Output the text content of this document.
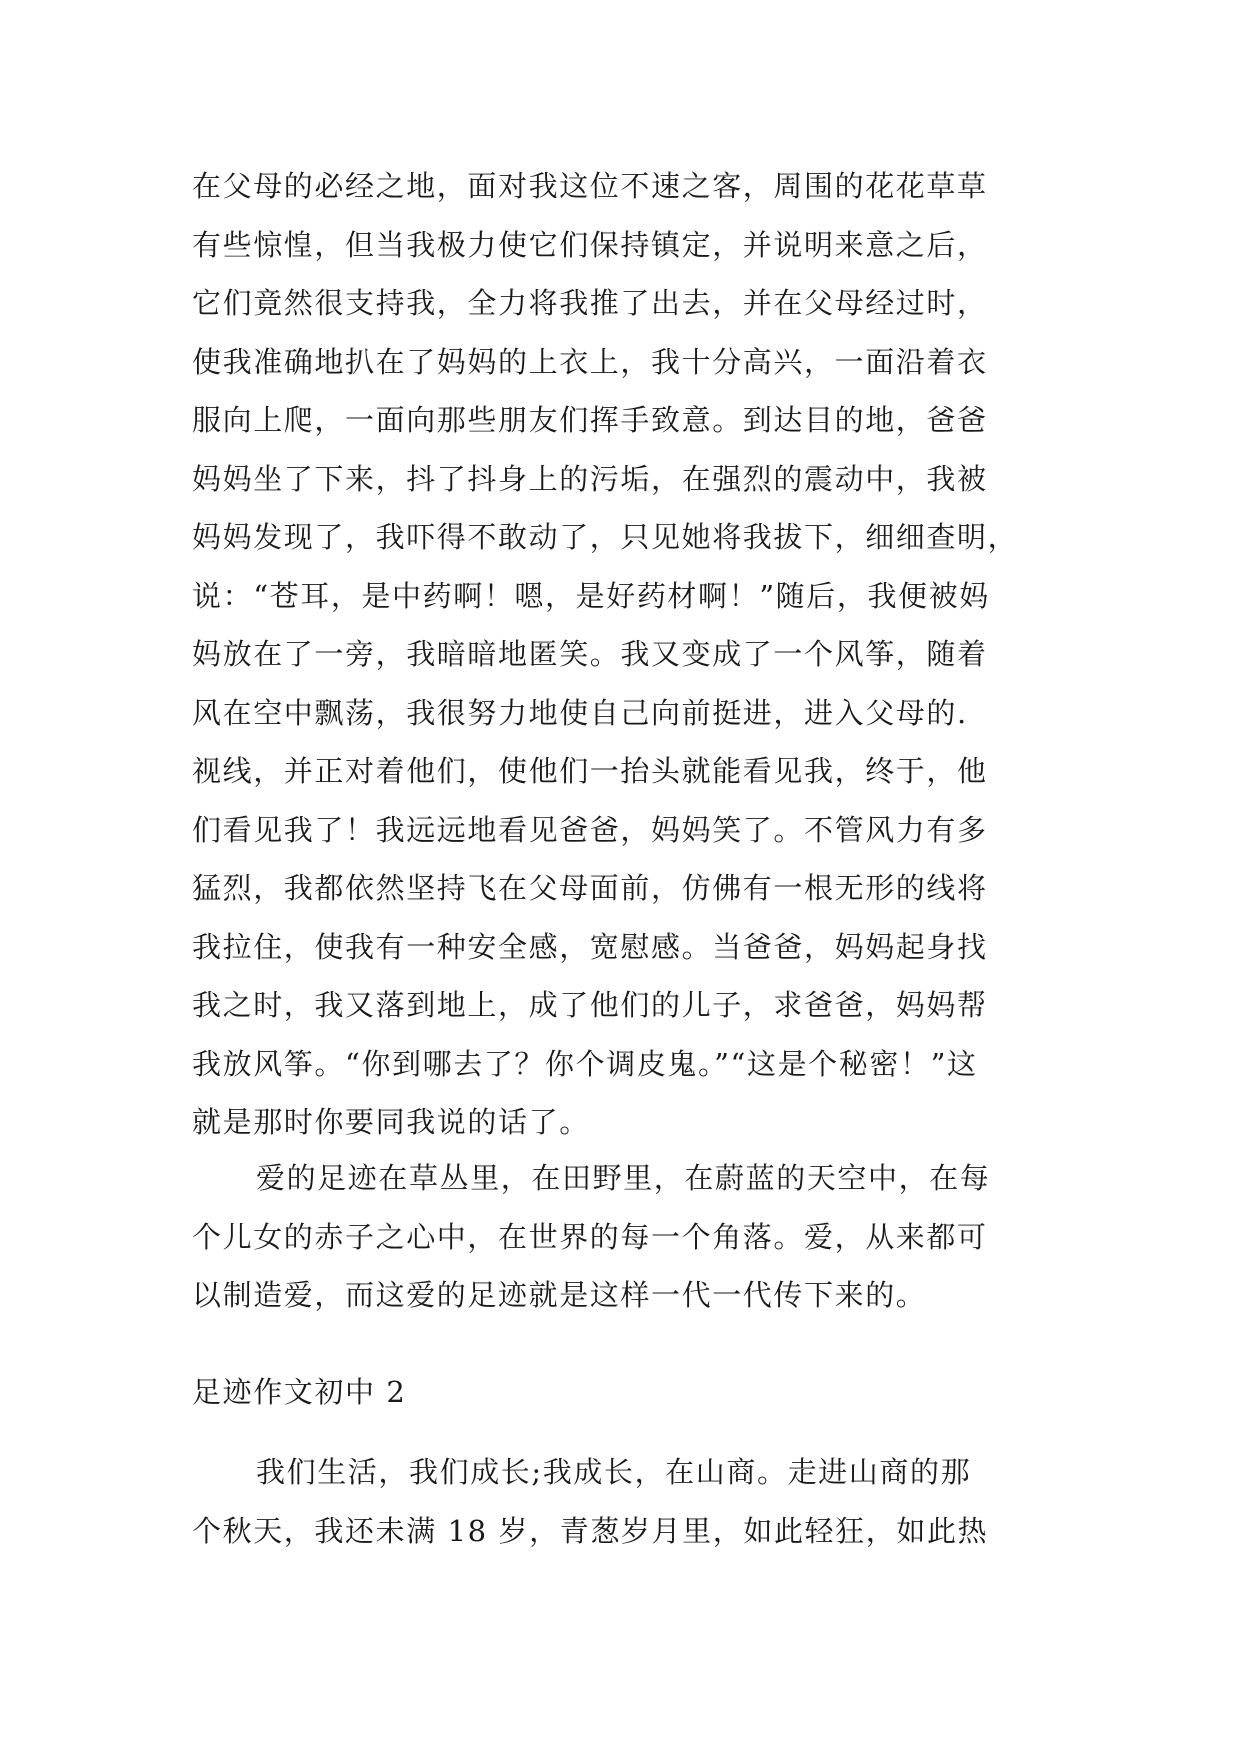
在父母的必经之地，面对我这位不速之客，周围的花花草草
有些惊惶，但当我极力使它们保持镇定，并说明来意之后，
它们竟然很支持我，全力将我推了出去，并在父母经过时，
使我准确地扒在了妈妈的上衣上，我十分高兴，一面沿着衣
服向上爬，一面向那些朋友们挥手致意。到达目的地，爸爸
妈妈坐了下来，抖了抖身上的污垢，在强烈的震动中，我被
妈妈发现了，我吓得不敢动了，只见她将我拔下，细细查明，
说：“苍耳，是中药啊！嗯，是好药材啊！”随后，我便被妈
妈放在了一旁，我暗暗地匿笑。我又变成了一个风筝，随着
风在空中飘荡，我很努力地使自己向前挺进，进入父母的.
视线，并正对着他们，使他们一抬头就能看见我，终于，他
们看见我了！我远远地看见爸爸，妈妈笑了。不管风力有多
猛烈，我都依然坚持飞在父母面前，仿佛有一根无形的线将
我拉住，使我有一种安全感，宽慰感。当爸爸，妈妈起身找
我之时，我又落到地上，成了他们的儿子，求爸爸，妈妈帮
我放风筝。“你到哪去了？你个调皮鬼。”“这是个秘密！”这
就是那时你要同我说的话了。
爱的足迹在草丛里，在田野里，在蔚蓝的天空中，在每
个儿女的赤子之心中，在世界的每一个角落。爱，从来都可
以制造爱，而这爱的足迹就是这样一代一代传下来的。
足迹作文初中 2
我们生活，我们成长;我成长，在山商。走进山商的那
个秋天，我还未满 18 岁，青葱岁月里，如此轻狂，如此热
